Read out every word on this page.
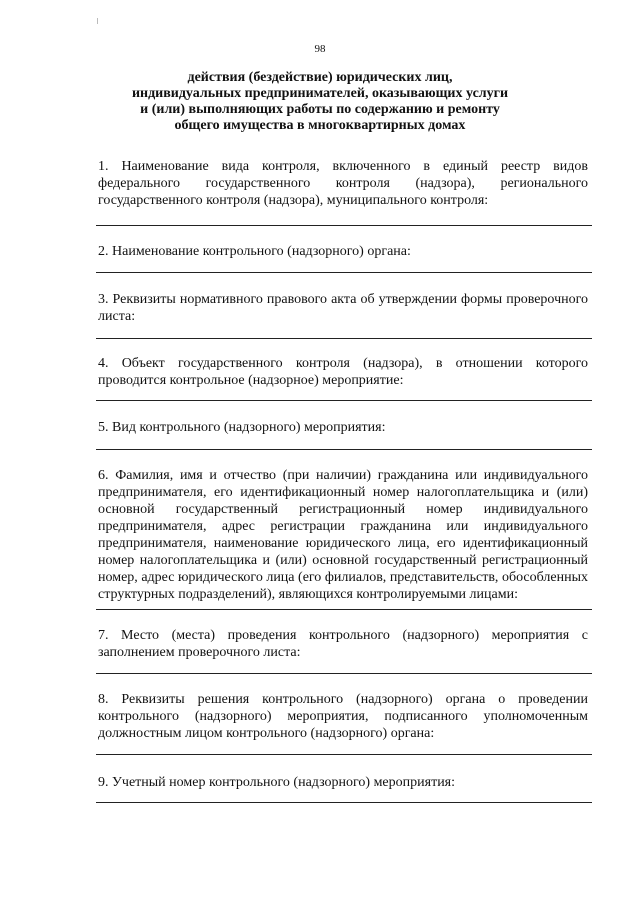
98
действия (бездействие) юридических лиц,
индивидуальных предпринимателей, оказывающих услуги
и (или) выполняющих работы по содержанию и ремонту
общего имущества в многоквартирных домах
1. Наименование вида контроля, включенного в единый реестр видов федерального государственного контроля (надзора), регионального государственного контроля (надзора), муниципального контроля:
2. Наименование контрольного (надзорного) органа:
3. Реквизиты нормативного правового акта об утверждении формы проверочного листа:
4. Объект государственного контроля (надзора), в отношении которого проводится контрольное (надзорное) мероприятие:
5. Вид контрольного (надзорного) мероприятия:
6. Фамилия, имя и отчество (при наличии) гражданина или индивидуального предпринимателя, его идентификационный номер налогоплательщика и (или) основной государственный регистрационный номер индивидуального предпринимателя, адрес регистрации гражданина или индивидуального предпринимателя, наименование юридического лица, его идентификационный номер налогоплательщика и (или) основной государственный регистрационный номер, адрес юридического лица (его филиалов, представительств, обособленных структурных подразделений), являющихся контролируемыми лицами:
7. Место (места) проведения контрольного (надзорного) мероприятия с заполнением проверочного листа:
8. Реквизиты решения контрольного (надзорного) органа о проведении контрольного (надзорного) мероприятия, подписанного уполномоченным должностным лицом контрольного (надзорного) органа:
9. Учетный номер контрольного (надзорного) мероприятия:
